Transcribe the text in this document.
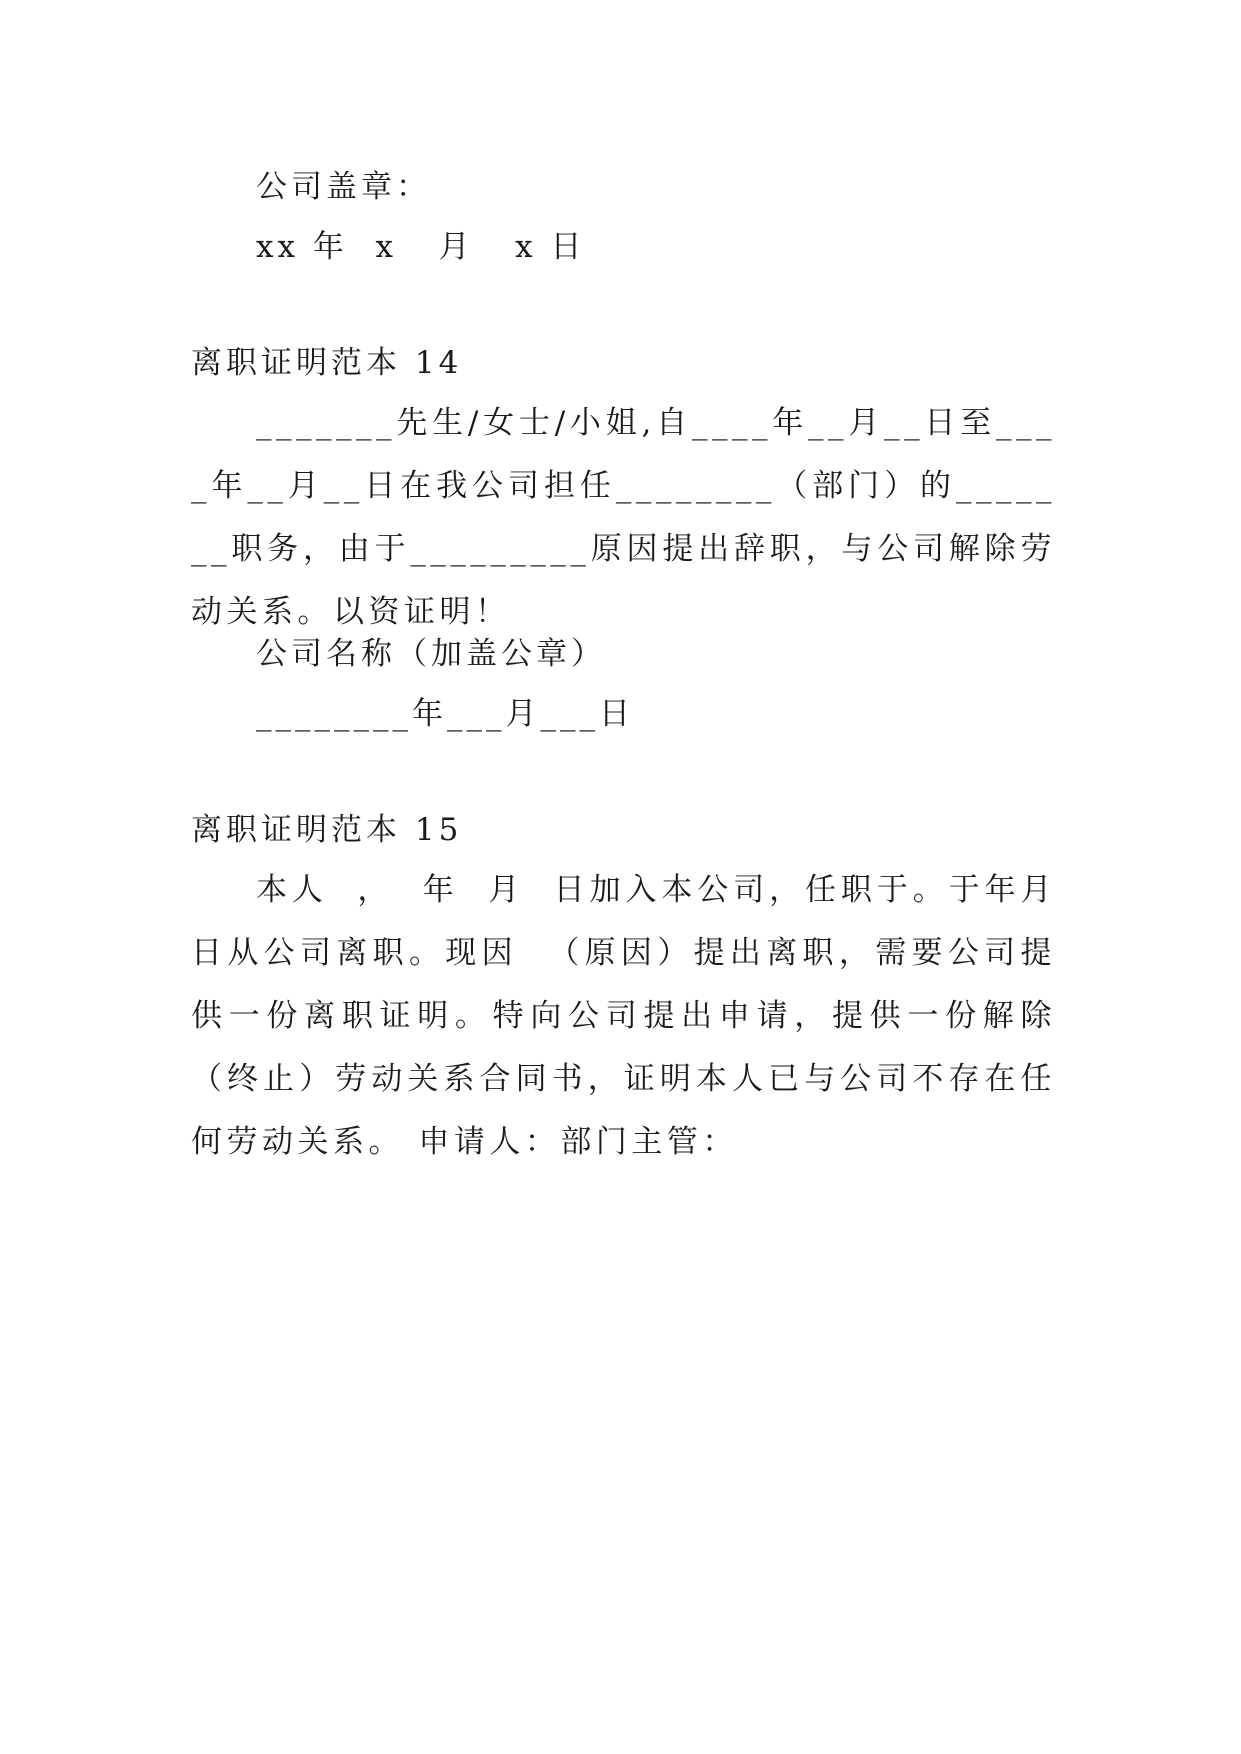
公司盖章：
xx 年  x   月   x 日
离职证明范本 14
_______先生/女士/小姐,自____年__月__日至____年__月__日在我公司担任________（部门）的_______职务，由于_________原因提出辞职，与公司解除劳动关系。以资证明！
公司名称（加盖公章）
________年___月___日
离职证明范本 15
本人  ，  年  月  日加入本公司，任职于。于年月日从公司离职。现因  （原因）提出离职，需要公司提供一份离职证明。特向公司提出申请，提供一份解除（终止）劳动关系合同书，证明本人已与公司不存在任何劳动关系。 申请人：部门主管：
